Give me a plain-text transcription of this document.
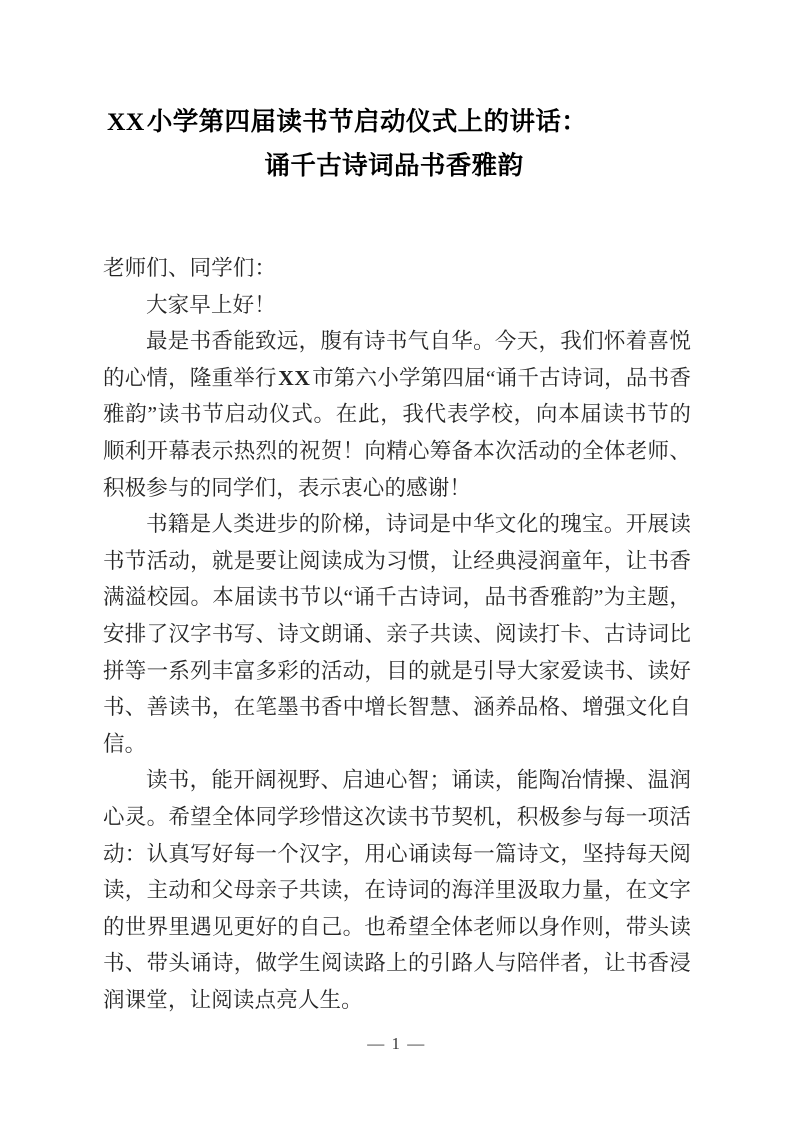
XX小学第四届读书节启动仪式上的讲话：
诵千古诗词品书香雅韵

老师们、同学们：

大家早上好！

最是书香能致远，腹有诗书气自华。今天，我们怀着喜悦的心情，隆重举行XX市第六小学第四届“诵千古诗词，品书香雅韵”读书节启动仪式。在此，我代表学校，向本届读书节的顺利开幕表示热烈的祝贺！向精心筹备本次活动的全体老师、积极参与的同学们，表示衷心的感谢！

书籍是人类进步的阶梯，诗词是中华文化的瑰宝。开展读书节活动，就是要让阅读成为习惯，让经典浸润童年，让书香满溢校园。本届读书节以“诵千古诗词，品书香雅韵”为主题，安排了汉字书写、诗文朗诵、亲子共读、阅读打卡、古诗词比拼等一系列丰富多彩的活动，目的就是引导大家爱读书、读好书、善读书，在笔墨书香中增长智慧、涵养品格、增强文化自信。

读书，能开阔视野、启迪心智；诵读，能陶冶情操、温润心灵。希望全体同学珍惜这次读书节契机，积极参与每一项活动：认真写好每一个汉字，用心诵读每一篇诗文，坚持每天阅读，主动和父母亲子共读，在诗词的海洋里汲取力量，在文字的世界里遇见更好的自己。也希望全体老师以身作则，带头读书、带头诵诗，做学生阅读路上的引路人与陪伴者，让书香浸润课堂，让阅读点亮人生。

— 1 —
